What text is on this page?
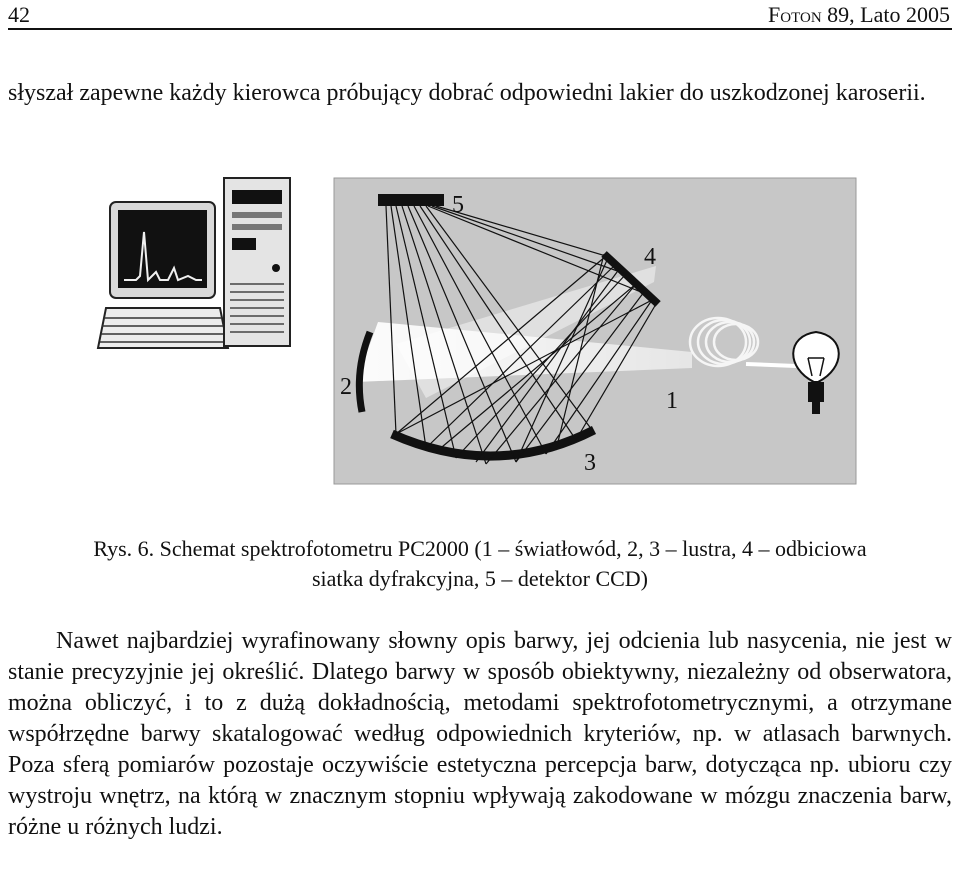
42	Foton 89, Lato 2005

słyszał zapewne każdy kierowca próbujący dobrać odpowiedni lakier do uszkodzonej karoserii.

5
4
2
1
3
Rys. 6. Schemat spektrofotometru PC2000 (1 – światłowód, 2, 3 – lustra, 4 – odbiciowa
siatka dyfrakcyjna, 5 – detektor CCD)

Nawet najbardziej wyrafinowany słowny opis barwy, jej odcienia lub nasycenia, nie jest w stanie precyzyjnie jej określić. Dlatego barwy w sposób obiektywny, niezależny od obserwatora, można obliczyć, i to z dużą dokładnością, metodami spektrofotometrycznymi, a otrzymane współrzędne barwy skatalogować według odpowiednich kryteriów, np. w atlasach barwnych. Poza sferą pomiarów pozostaje oczywiście estetyczna percepcja barw, dotycząca np. ubioru czy wystroju wnętrz, na którą w znacznym stopniu wpływają zakodowane w mózgu znaczenia barw, różne u różnych ludzi.
